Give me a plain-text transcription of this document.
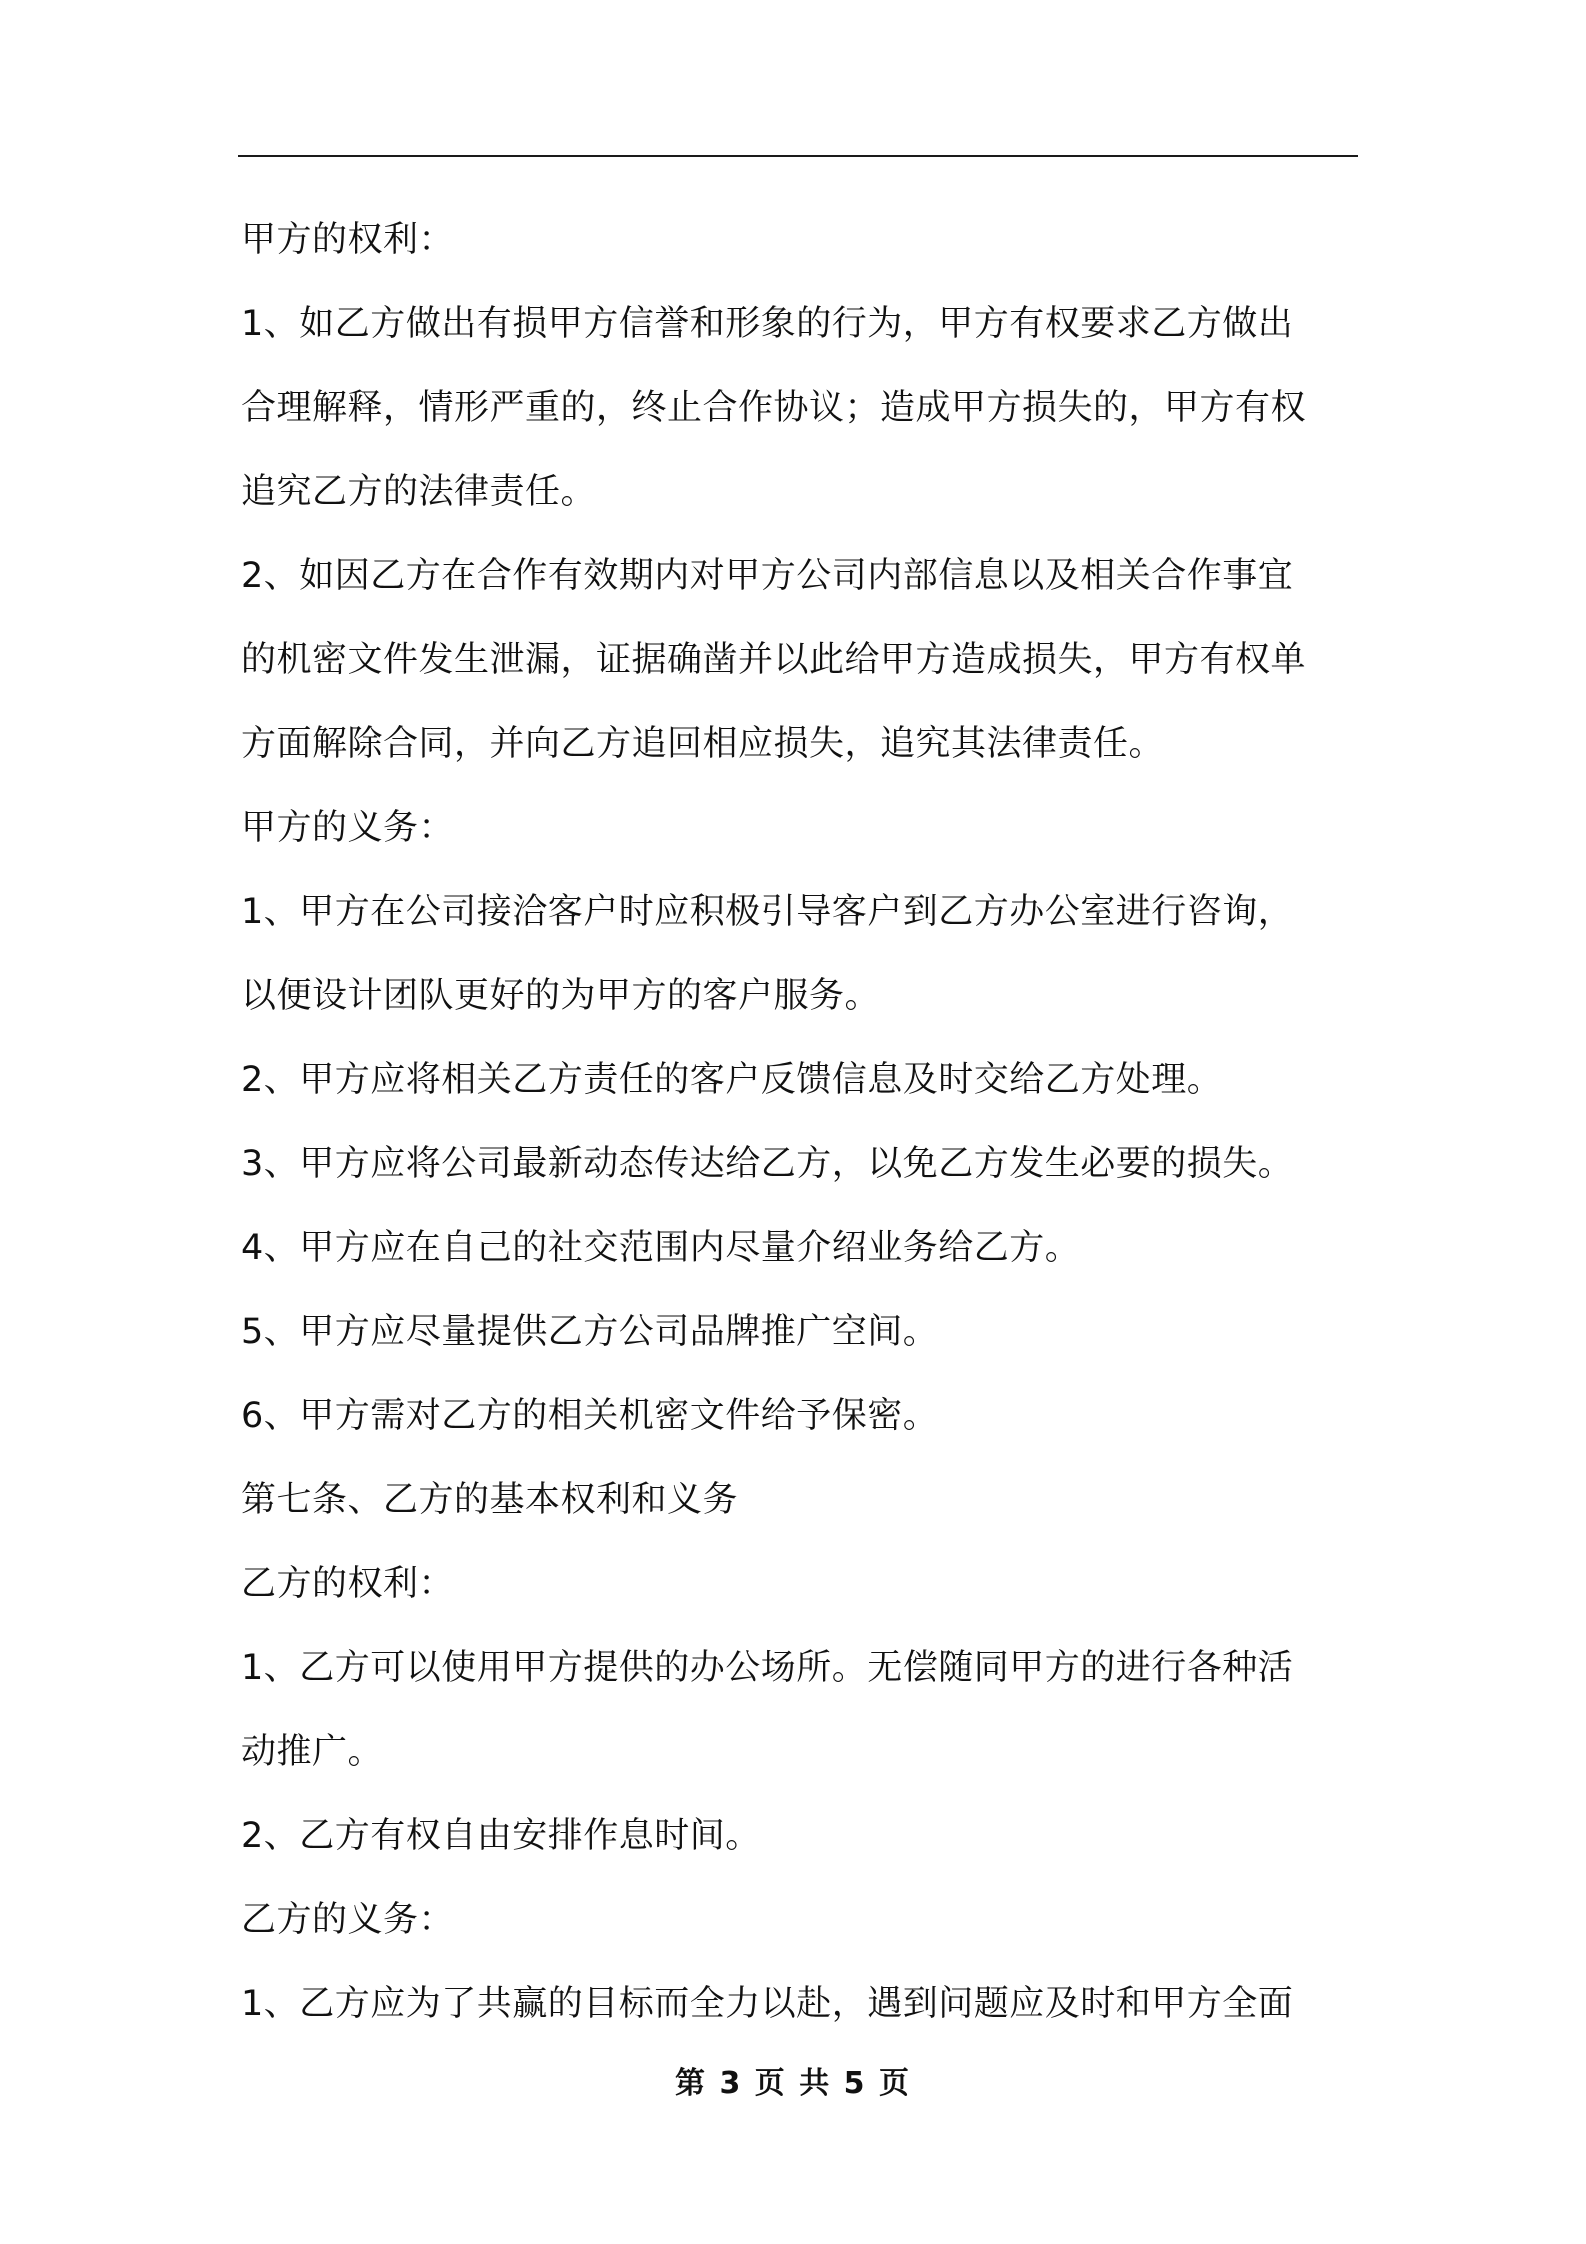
甲方的权利：
1、如乙方做出有损甲方信誉和形象的行为，甲方有权要求乙方做出
合理解释，情形严重的，终止合作协议；造成甲方损失的，甲方有权
追究乙方的法律责任。
2、如因乙方在合作有效期内对甲方公司内部信息以及相关合作事宜
的机密文件发生泄漏，证据确凿并以此给甲方造成损失，甲方有权单
方面解除合同，并向乙方追回相应损失，追究其法律责任。
甲方的义务：
1、甲方在公司接洽客户时应积极引导客户到乙方办公室进行咨询，
以便设计团队更好的为甲方的客户服务。
2、甲方应将相关乙方责任的客户反馈信息及时交给乙方处理。
3、甲方应将公司最新动态传达给乙方，以免乙方发生必要的损失。
4、甲方应在自己的社交范围内尽量介绍业务给乙方。
5、甲方应尽量提供乙方公司品牌推广空间。
6、甲方需对乙方的相关机密文件给予保密。
第七条、乙方的基本权利和义务
乙方的权利：
1、乙方可以使用甲方提供的办公场所。无偿随同甲方的进行各种活
动推广。
2、乙方有权自由安排作息时间。
乙方的义务：
1、乙方应为了共赢的目标而全力以赴，遇到问题应及时和甲方全面
第 3 页 共 5 页
